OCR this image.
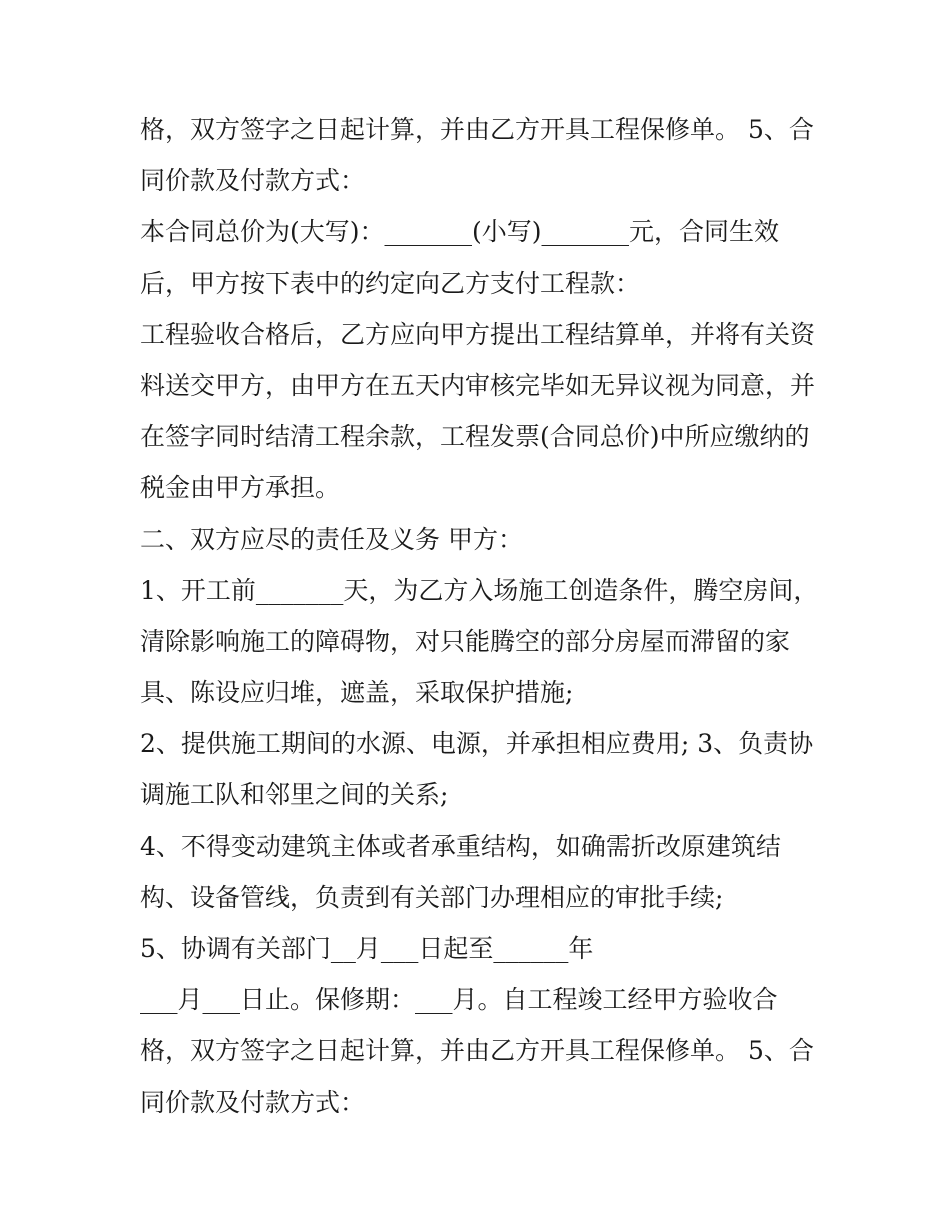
格，双方签字之日起计算，并由乙方开具工程保修单。 5、合
同价款及付款方式：
本合同总价为(大写)：_______(小写)_______元，合同生效
后，甲方按下表中的约定向乙方支付工程款：
工程验收合格后，乙方应向甲方提出工程结算单，并将有关资
料送交甲方，由甲方在五天内审核完毕如无异议视为同意，并
在签字同时结清工程余款，工程发票(合同总价)中所应缴纳的
税金由甲方承担。
二、双方应尽的责任及义务 甲方：
1、开工前_______天，为乙方入场施工创造条件，腾空房间，
清除影响施工的障碍物，对只能腾空的部分房屋而滞留的家
具、陈设应归堆，遮盖，采取保护措施;
2、提供施工期间的水源、电源，并承担相应费用; 3、负责协
调施工队和邻里之间的关系;
4、不得变动建筑主体或者承重结构，如确需折改原建筑结
构、设备管线，负责到有关部门办理相应的审批手续;
5、协调有关部门__月___日起至______年
___月___日止。保修期：___月。自工程竣工经甲方验收合
格，双方签字之日起计算，并由乙方开具工程保修单。 5、合
同价款及付款方式：
